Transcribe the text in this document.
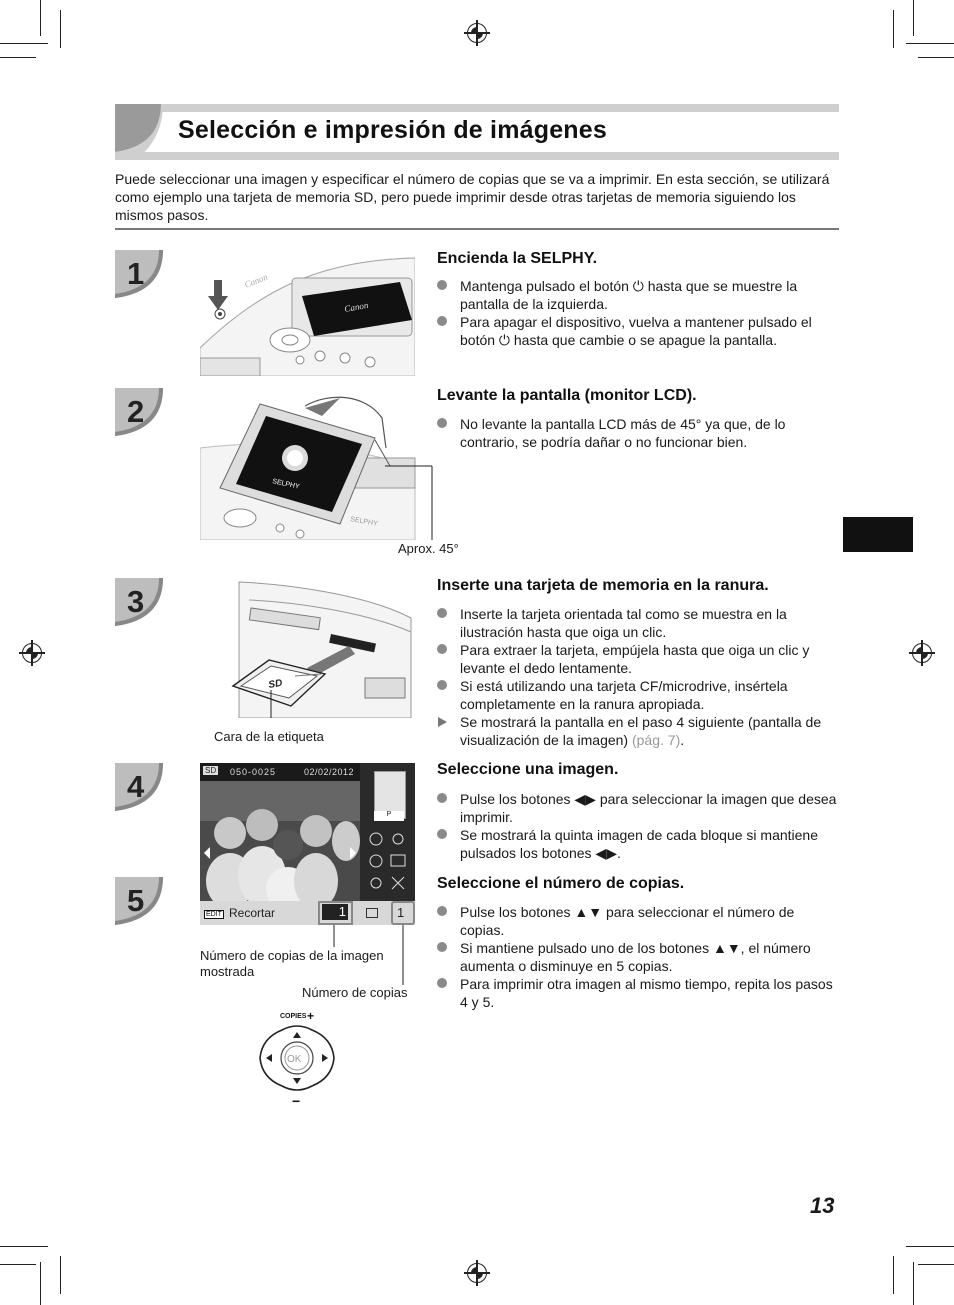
Selección e impresión de imágenes
Puede seleccionar una imagen y especificar el número de copias que se va a imprimir. En esta sección, se utilizará como ejemplo una tarjeta de memoria SD, pero puede imprimir desde otras tarjetas de memoria siguiendo los mismos pasos.
1
2
3
4
5
Canon
Canon
SELPHY
SELPHY
Aprox. 45°
SD
Cara de la etiqueta
SD 050-0025	02/02/2012
P
EDIT Recortar	1	1
Número de copias de la imagen mostrada
Número de copias
COPIES +
OK
−
Encienda la SELPHY.
Mantenga pulsado el botón ⏻ hasta que se muestre la pantalla de la izquierda.
Para apagar el dispositivo, vuelva a mantener pulsado el botón ⏻ hasta que cambie o se apague la pantalla.
Levante la pantalla (monitor LCD).
No levante la pantalla LCD más de 45° ya que, de lo contrario, se podría dañar o no funcionar bien.
Inserte una tarjeta de memoria en la ranura.
Inserte la tarjeta orientada tal como se muestra en la ilustración hasta que oiga un clic.
Para extraer la tarjeta, empújela hasta que oiga un clic y levante el dedo lentamente.
Si está utilizando una tarjeta CF/microdrive, insértela completamente en la ranura apropiada.
Se mostrará la pantalla en el paso 4 siguiente (pantalla de visualización de la imagen) (pág. 7).
Seleccione una imagen.
Pulse los botones ◀▶ para seleccionar la imagen que desea imprimir.
Se mostrará la quinta imagen de cada bloque si mantiene pulsados los botones ◀▶.
Seleccione el número de copias.
Pulse los botones ▲▼ para seleccionar el número de copias.
Si mantiene pulsado uno de los botones ▲▼, el número aumenta o disminuye en 5 copias.
Para imprimir otra imagen al mismo tiempo, repita los pasos 4 y 5.
13
